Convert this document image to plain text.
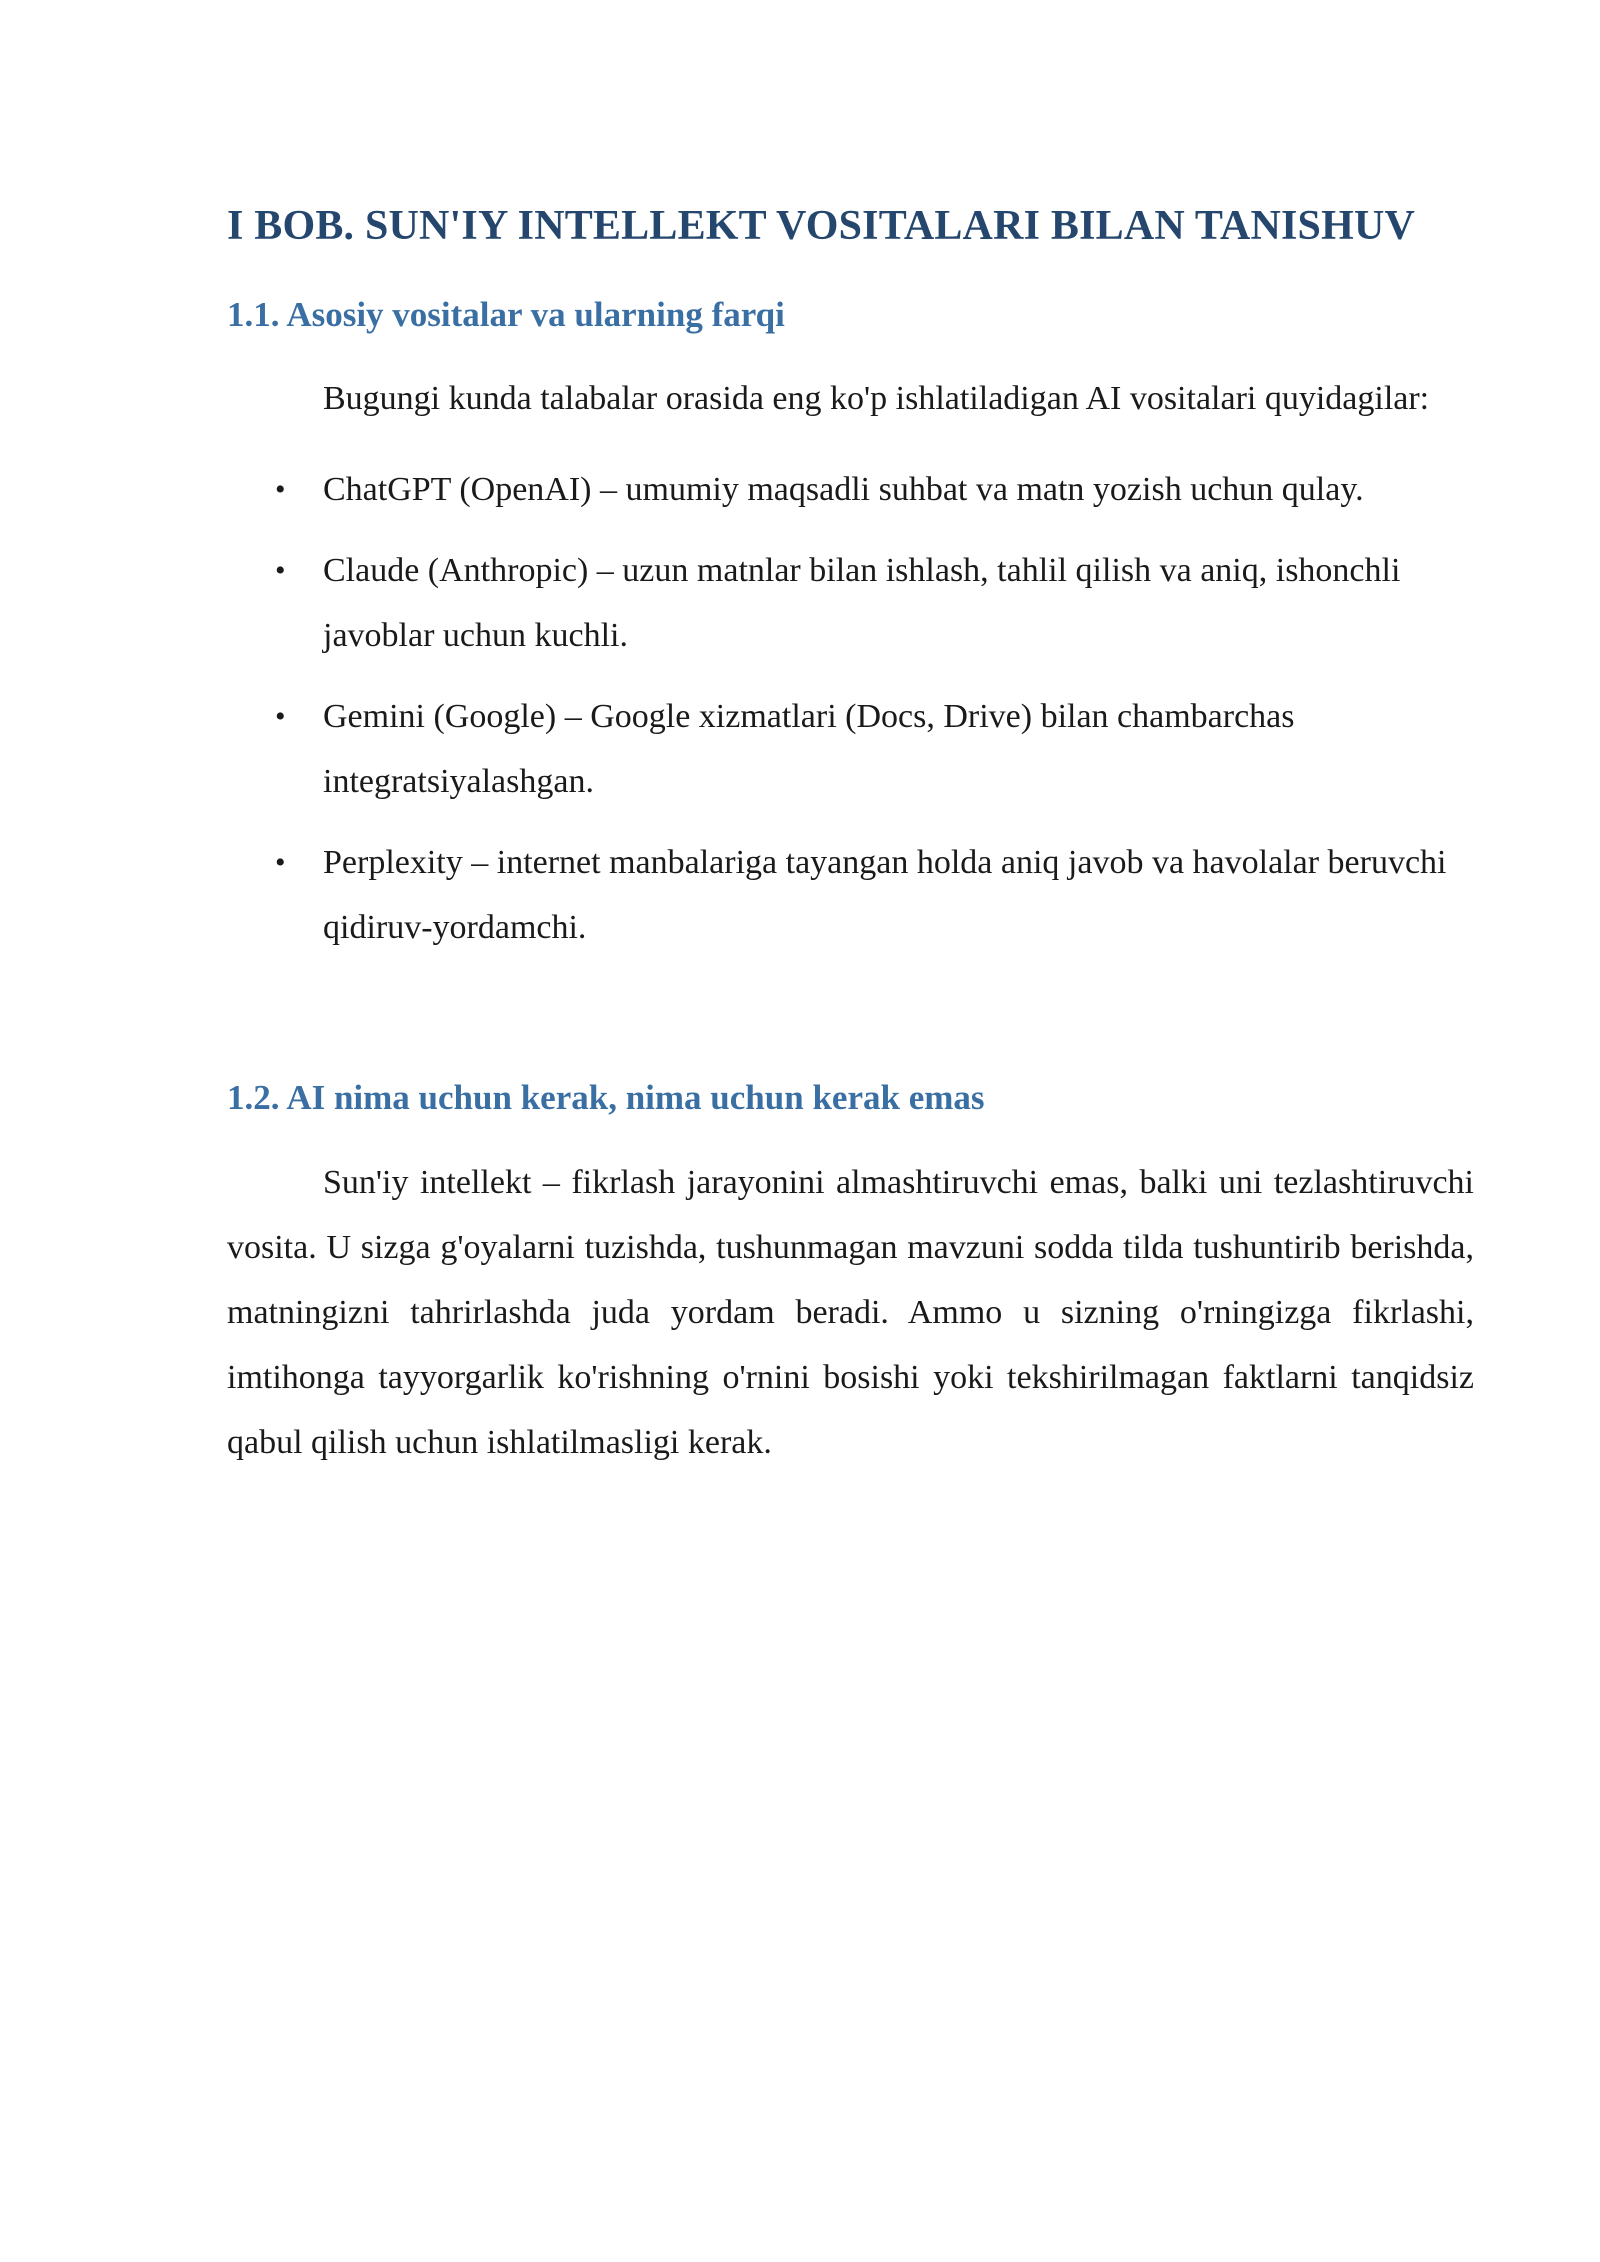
I BOB. SUN'IY INTELLEKT VOSITALARI BILAN TANISHUV
1.1. Asosiy vositalar va ularning farqi

Bugungi kunda talabalar orasida eng ko'p ishlatiladigan AI vositalari quyidagilar:

• ChatGPT (OpenAI) – umumiy maqsadli suhbat va matn yozish uchun qulay.
• Claude (Anthropic) – uzun matnlar bilan ishlash, tahlil qilish va aniq, ishonchli javoblar uchun kuchli.
• Gemini (Google) – Google xizmatlari (Docs, Drive) bilan chambarchas integratsiyalashgan.
• Perplexity – internet manbalariga tayangan holda aniq javob va havolalar beruvchi qidiruv-yordamchi.
1.2. AI nima uchun kerak, nima uchun kerak emas

Sun'iy intellekt – fikrlash jarayonini almashtiruvchi emas, balki uni tezlashtiruvchi vosita. U sizga g'oyalarni tuzishda, tushunmagan mavzuni sodda tilda tushuntirib berishda, matningizni tahrirlashda juda yordam beradi. Ammo u sizning o'rningizga fikrlashi, imtihonga tayyorgarlik ko'rishning o'rnini bosishi yoki tekshirilmagan faktlarni tanqidsiz qabul qilish uchun ishlatilmasligi kerak.
